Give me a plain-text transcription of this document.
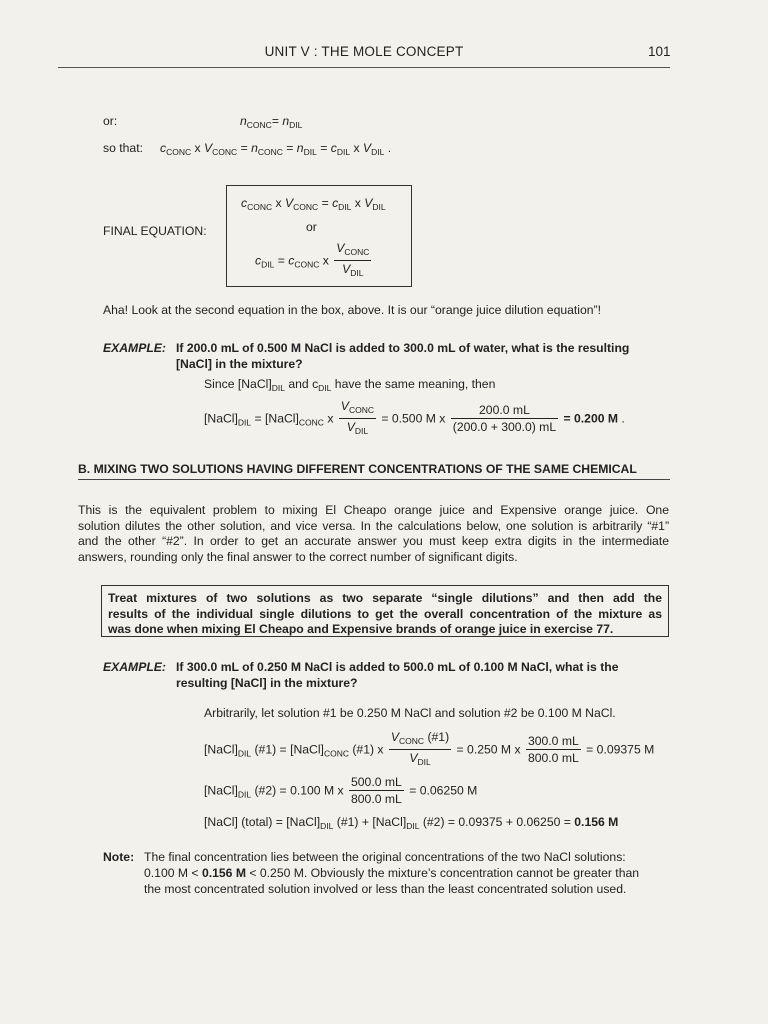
UNIT V : THE MOLE CONCEPT	101
or:	$n_{CONC}= n_{DIL}$
so that: $c_{CONC}$ x $V_{CONC} = n_{CONC} = n_{DIL} = c_{DIL}$ x $V_{DIL}$ .
FINAL EQUATION:
$c_{CONC}$ x $V_{CONC} = c_{DIL}$ x $V_{DIL}$
or
$c_{DIL} = c_{CONC}$ x $\frac{V_{CONC}}{V_{DIL}}$
Aha! Look at the second equation in the box, above. It is our “orange juice dilution equation”!
EXAMPLE: If 200.0 mL of 0.500 M NaCl is added to 300.0 mL of water, what is the resulting
[NaCl] in the mixture?
Since $[NaCl]_{DIL}$ and $c_{DIL}$ have the same meaning, then
$[NaCl]_{DIL}$ = $[NaCl]_{CONC}$ x $\frac{V_{CONC}}{V_{DIL}} = 0.500$ M x $\frac{200.0 mL}{(200.0 + 300.0) mL} = 0.200$ M .
B. MIXING TWO SOLUTIONS HAVING DIFFERENT CONCENTRATIONS OF THE SAME CHEMICAL
This is the equivalent problem to mixing El Cheapo orange juice and Expensive orange juice. One
solution dilutes the other solution, and vice versa. In the calculations below, one solution is arbitrarily “#1”
and the other “#2”. In order to get an accurate answer you must keep extra digits in the intermediate
answers, rounding only the final answer to the correct number of significant digits.

Treat mixtures of two solutions as two separate “single dilutions” and then add the
results of the individual single dilutions to get the overall concentration of the mixture as
was done when mixing El Cheapo and Expensive brands of orange juice in exercise 77.

EXAMPLE: If 300.0 mL of 0.250 M NaCl is added to 500.0 mL of 0.100 M NaCl, what is the
resulting [NaCl] in the mixture?
Arbitrarily, let solution #1 be 0.250 M NaCl and solution #2 be 0.100 M NaCl.
$[NaCl]_{DIL}$ (#1) = $[NaCl]_{CONC}$ (#1) x $\frac{V_{CONC} (\#1)}{V_{DIL}} = 0.250$ M x $\frac{300.0 mL}{800.0 mL} = 0.09375$ M
$[NaCl]_{DIL}$ (#2) = 0.100 M x $\frac{500.0 mL}{800.0 mL} = 0.06250$ M
[NaCl] (total) = $[NaCl]_{DIL}$ (#1) + $[NaCl]_{DIL}$ (#2) = 0.09375 + 0.06250 = 0.156 M
Note: The final concentration lies between the original concentrations of the two NaCl solutions:
0.100 M < 0.156 M < 0.250 M. Obviously the mixture’s concentration cannot be greater than
the most concentrated solution involved or less than the least concentrated solution used.
